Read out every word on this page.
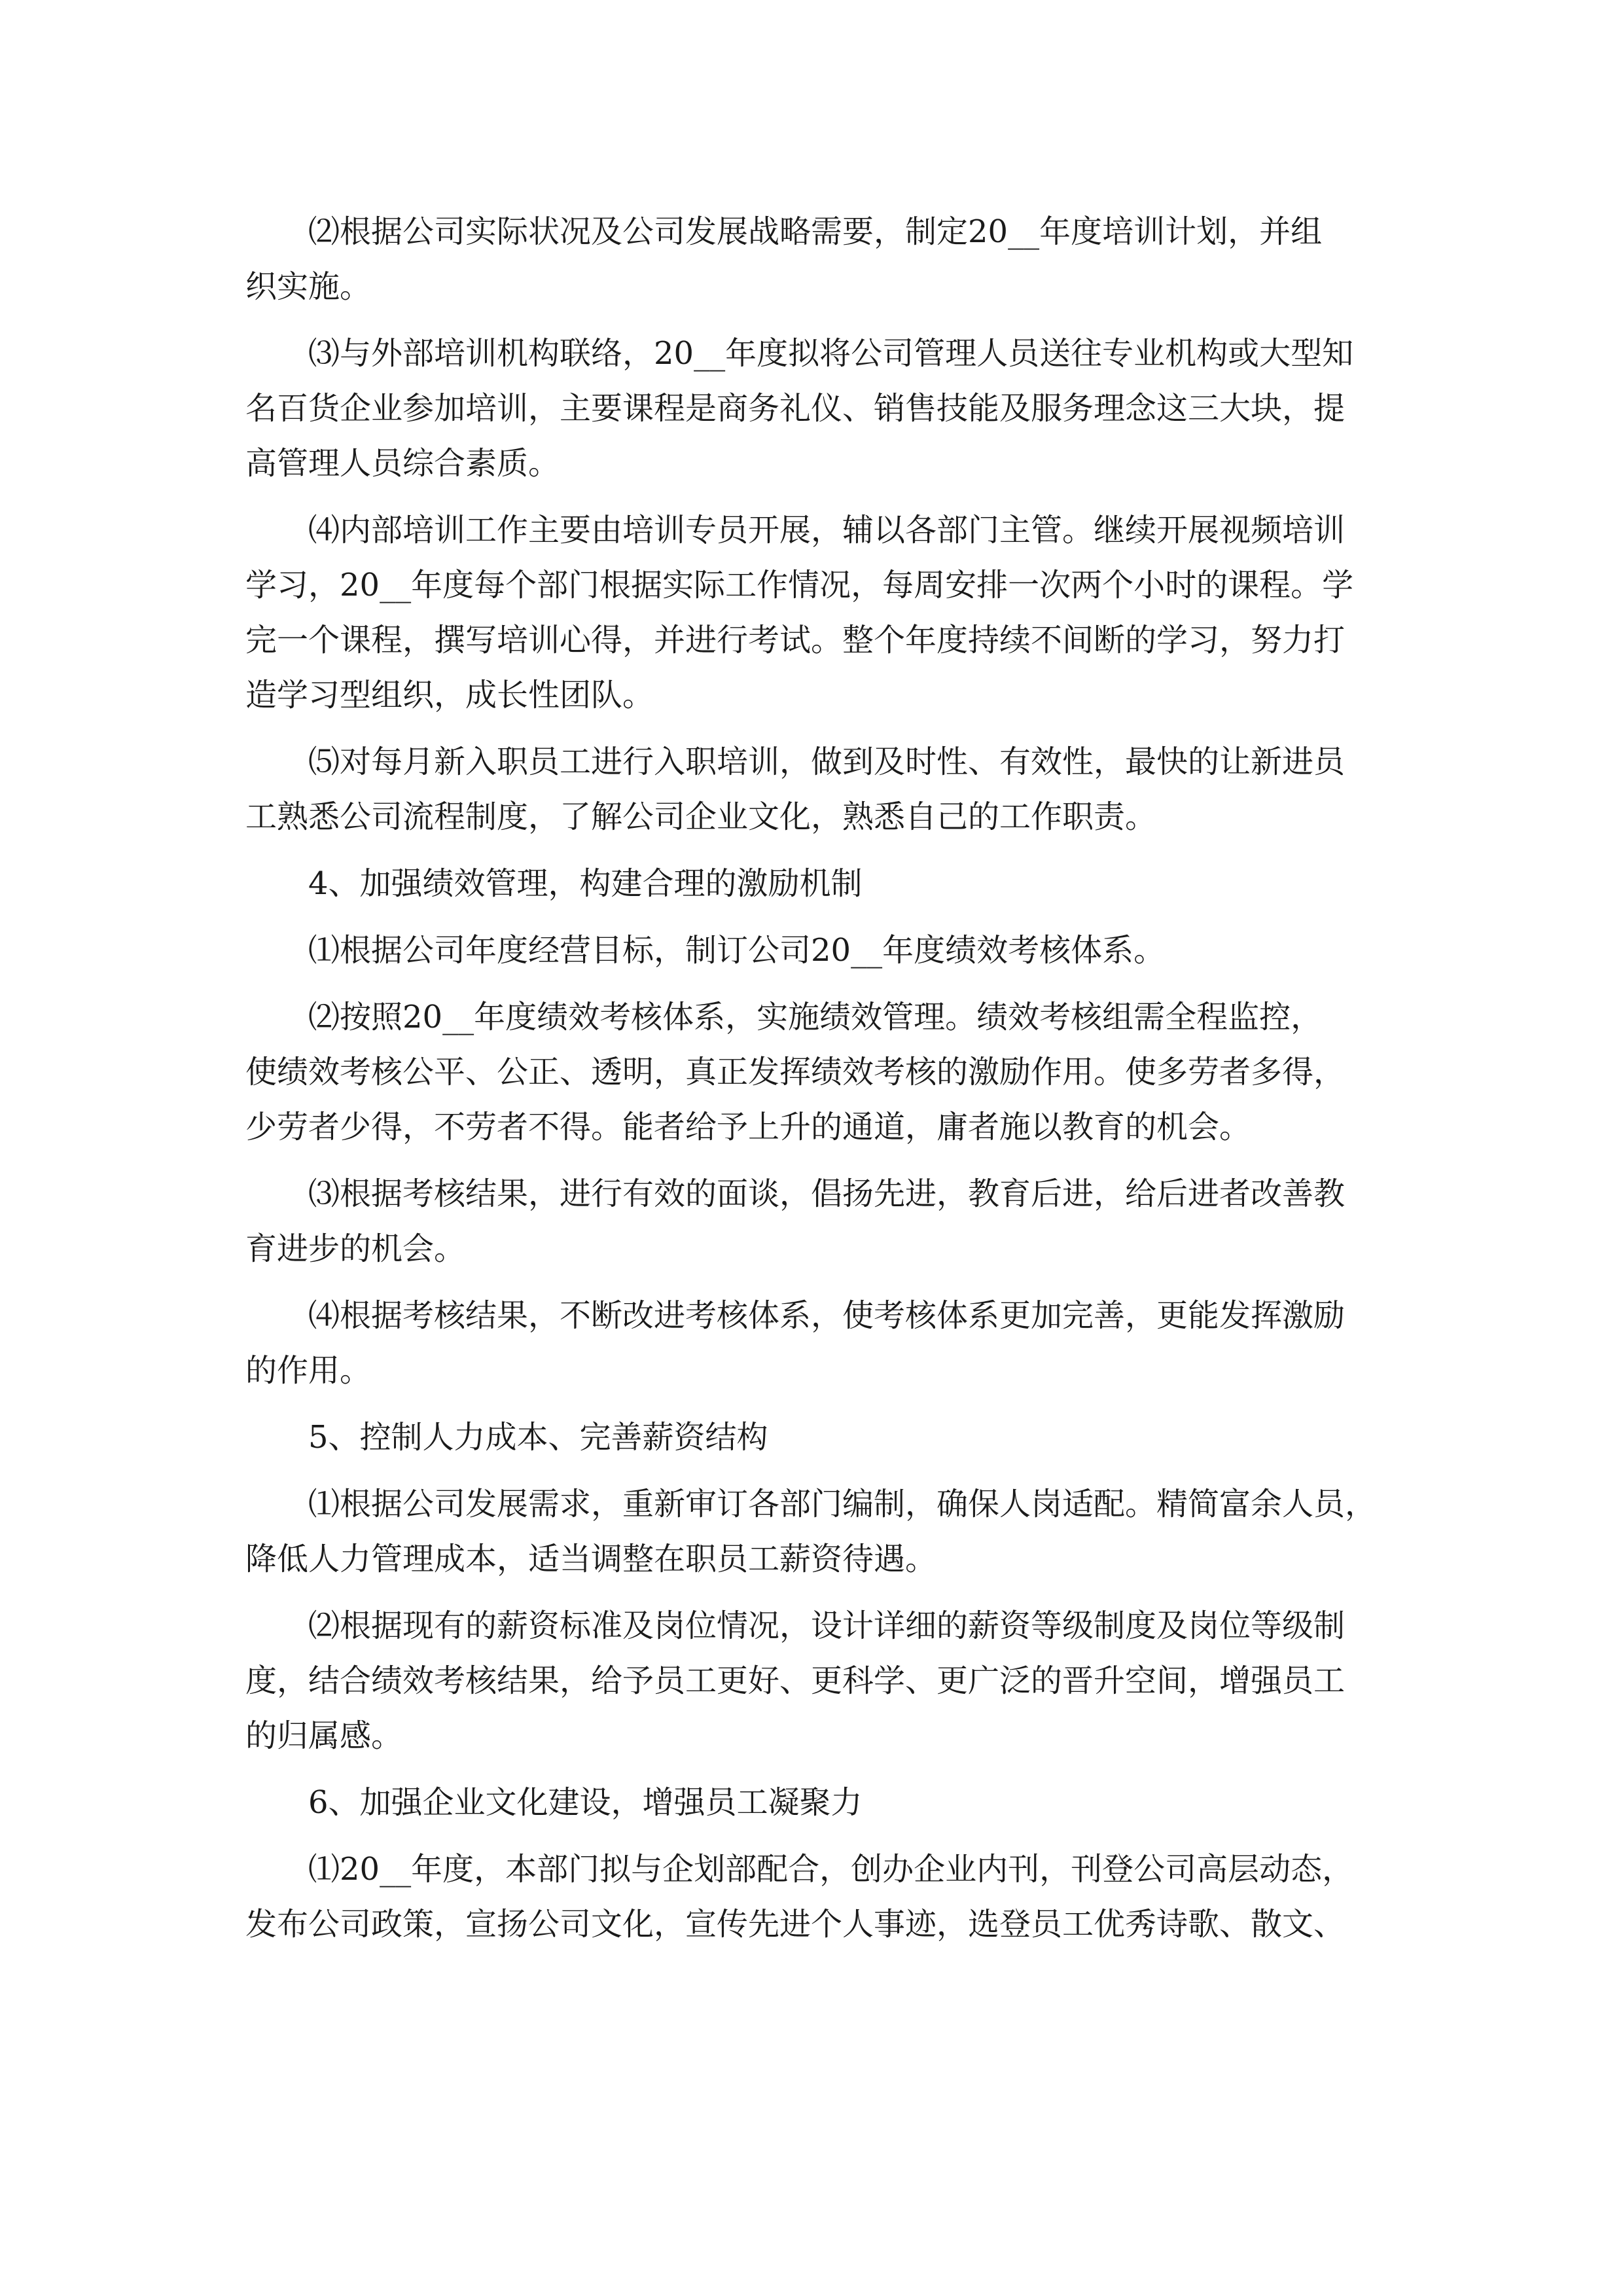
⑵根据公司实际状况及公司发展战略需要，制定20__年度培训计划，并组
织实施。
⑶与外部培训机构联络，20__年度拟将公司管理人员送往专业机构或大型知
名百货企业参加培训，主要课程是商务礼仪、销售技能及服务理念这三大块，提
高管理人员综合素质。
⑷内部培训工作主要由培训专员开展，辅以各部门主管。继续开展视频培训
学习，20__年度每个部门根据实际工作情况，每周安排一次两个小时的课程。学
完一个课程，撰写培训心得，并进行考试。整个年度持续不间断的学习，努力打
造学习型组织，成长性团队。
⑸对每月新入职员工进行入职培训，做到及时性、有效性，最快的让新进员
工熟悉公司流程制度，了解公司企业文化，熟悉自己的工作职责。
4、加强绩效管理，构建合理的激励机制
⑴根据公司年度经营目标，制订公司20__年度绩效考核体系。
⑵按照20__年度绩效考核体系，实施绩效管理。绩效考核组需全程监控，
使绩效考核公平、公正、透明，真正发挥绩效考核的激励作用。使多劳者多得，
少劳者少得，不劳者不得。能者给予上升的通道，庸者施以教育的机会。
⑶根据考核结果，进行有效的面谈，倡扬先进，教育后进，给后进者改善教
育进步的机会。
⑷根据考核结果，不断改进考核体系，使考核体系更加完善，更能发挥激励
的作用。
5、控制人力成本、完善薪资结构
⑴根据公司发展需求，重新审订各部门编制，确保人岗适配。精简富余人员，
降低人力管理成本，适当调整在职员工薪资待遇。
⑵根据现有的薪资标准及岗位情况，设计详细的薪资等级制度及岗位等级制
度，结合绩效考核结果，给予员工更好、更科学、更广泛的晋升空间，增强员工
的归属感。
6、加强企业文化建设，增强员工凝聚力
⑴20__年度，本部门拟与企划部配合，创办企业内刊，刊登公司高层动态，
发布公司政策，宣扬公司文化，宣传先进个人事迹，选登员工优秀诗歌、散文、
